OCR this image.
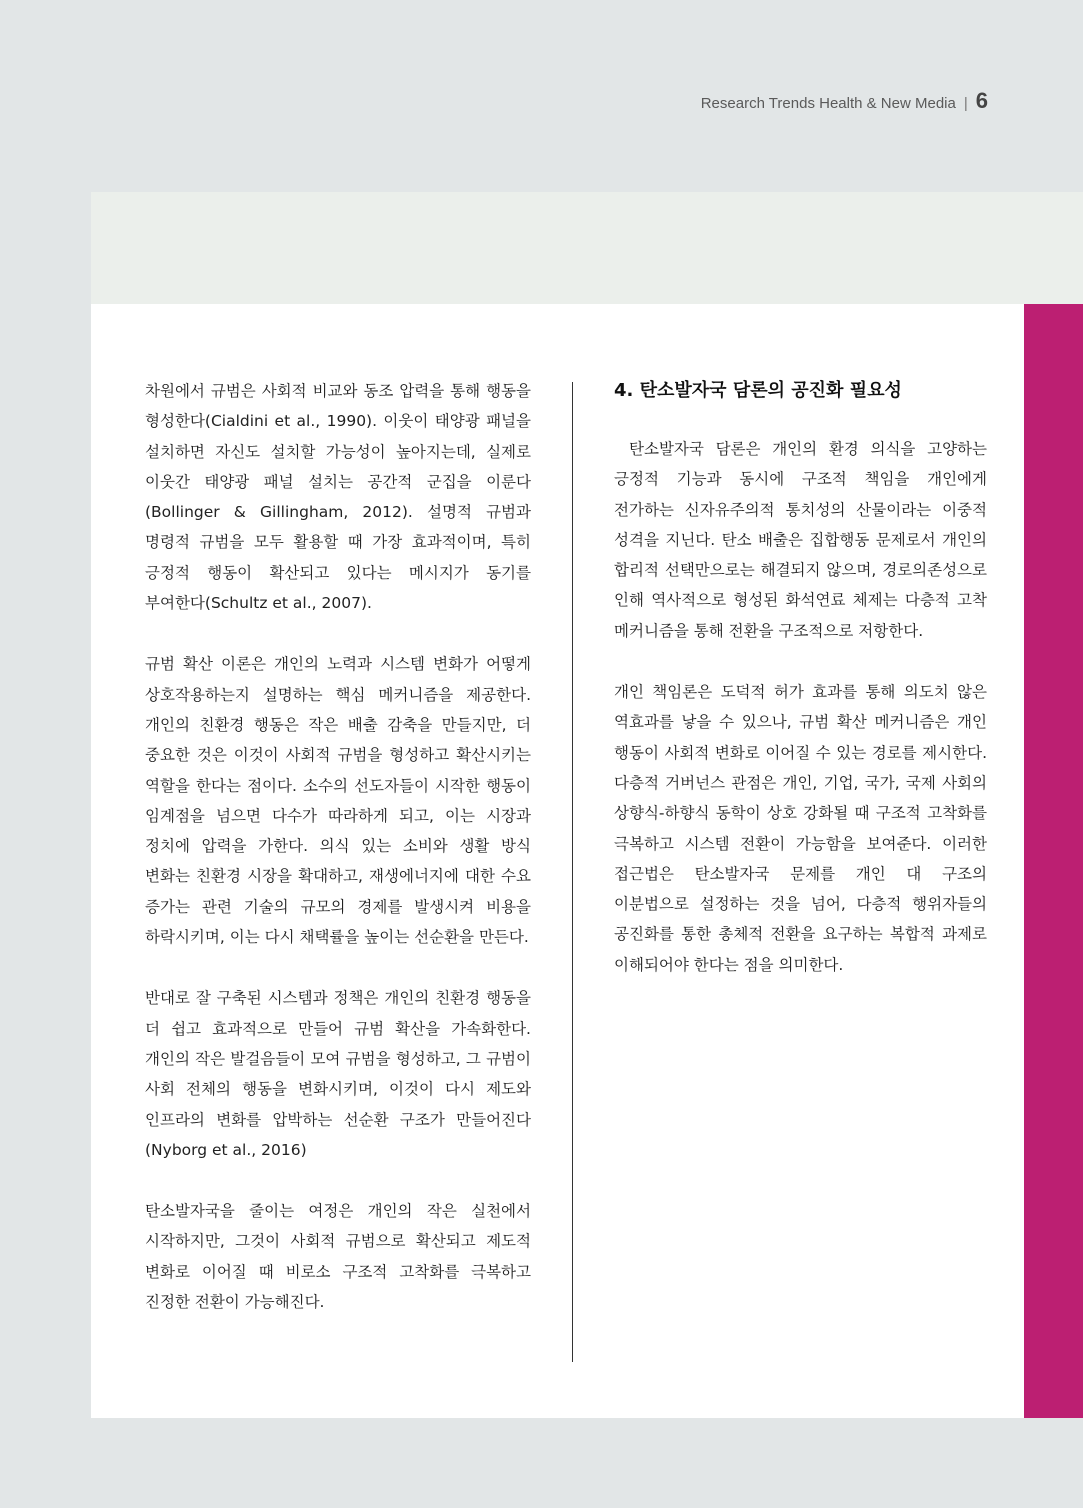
Research Trends Health & New Media | 6

차원에서 규범은 사회적 비교와 동조 압력을 통해 행동을 형성한다(Cialdini et al., 1990). 이웃이 태양광 패널을 설치하면 자신도 설치할 가능성이 높아지는데, 실제로 이웃간 태양광 패널 설치는 공간적 군집을 이룬다(Bollinger & Gillingham, 2012). 설명적 규범과 명령적 규범을 모두 활용할 때 가장 효과적이며, 특히 긍정적 행동이 확산되고 있다는 메시지가 동기를 부여한다(Schultz et al., 2007).

규범 확산 이론은 개인의 노력과 시스템 변화가 어떻게 상호작용하는지 설명하는 핵심 메커니즘을 제공한다. 개인의 친환경 행동은 작은 배출 감축을 만들지만, 더 중요한 것은 이것이 사회적 규범을 형성하고 확산시키는 역할을 한다는 점이다. 소수의 선도자들이 시작한 행동이 임계점을 넘으면 다수가 따라하게 되고, 이는 시장과 정치에 압력을 가한다. 의식 있는 소비와 생활 방식 변화는 친환경 시장을 확대하고, 재생에너지에 대한 수요 증가는 관련 기술의 규모의 경제를 발생시켜 비용을 하락시키며, 이는 다시 채택률을 높이는 선순환을 만든다.

반대로 잘 구축된 시스템과 정책은 개인의 친환경 행동을 더 쉽고 효과적으로 만들어 규범 확산을 가속화한다. 개인의 작은 발걸음들이 모여 규범을 형성하고, 그 규범이 사회 전체의 행동을 변화시키며, 이것이 다시 제도와 인프라의 변화를 압박하는 선순환 구조가 만들어진다(Nyborg et al., 2016)

탄소발자국을 줄이는 여정은 개인의 작은 실천에서 시작하지만, 그것이 사회적 규범으로 확산되고 제도적 변화로 이어질 때 비로소 구조적 고착화를 극복하고 진정한 전환이 가능해진다.

4. 탄소발자국 담론의 공진화 필요성

탄소발자국 담론은 개인의 환경 의식을 고양하는 긍정적 기능과 동시에 구조적 책임을 개인에게 전가하는 신자유주의적 통치성의 산물이라는 이중적 성격을 지닌다. 탄소 배출은 집합행동 문제로서 개인의 합리적 선택만으로는 해결되지 않으며, 경로의존성으로 인해 역사적으로 형성된 화석연료 체제는 다층적 고착 메커니즘을 통해 전환을 구조적으로 저항한다.

개인 책임론은 도덕적 허가 효과를 통해 의도치 않은 역효과를 낳을 수 있으나, 규범 확산 메커니즘은 개인 행동이 사회적 변화로 이어질 수 있는 경로를 제시한다. 다층적 거버넌스 관점은 개인, 기업, 국가, 국제 사회의 상향식-하향식 동학이 상호 강화될 때 구조적 고착화를 극복하고 시스템 전환이 가능함을 보여준다. 이러한 접근법은 탄소발자국 문제를 개인 대 구조의 이분법으로 설정하는 것을 넘어, 다층적 행위자들의 공진화를 통한 총체적 전환을 요구하는 복합적 과제로 이해되어야 한다는 점을 의미한다.
